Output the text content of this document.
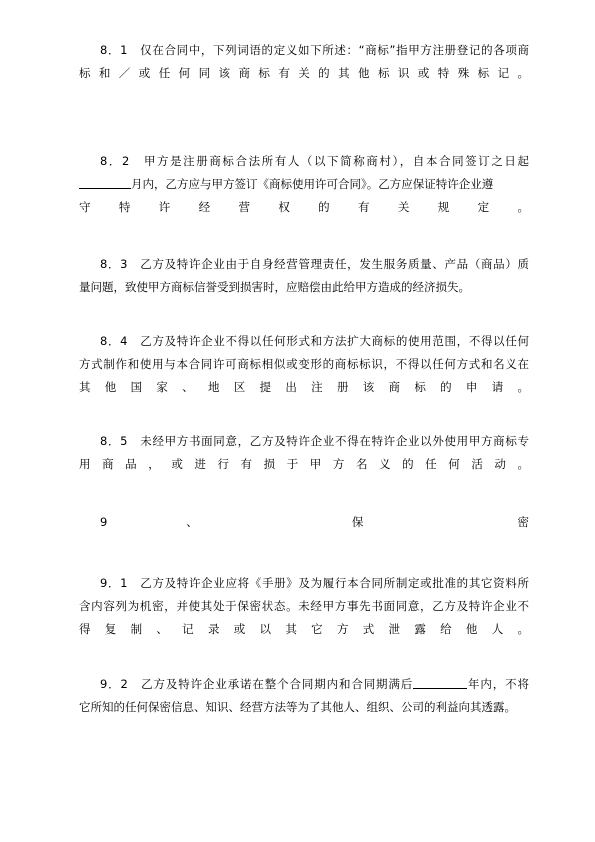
8．1　仅在合同中，下列词语的定义如下所述：“商标”指甲方注册登记的各项商
标和／或任何同该商标有关的其他标识或特殊标记。
8．2　甲方是注册商标合法所有人（以下简称商村），自本合同签订之日起
月内，乙方应与甲方签订《商标使用许可合同》。乙方应保证特许企业遵
守特许经营权的有关规定。
8．3　乙方及特许企业由于自身经营管理责任，发生服务质量、产品（商品）质
量问题，致使甲方商标信誉受到损害时，应赔偿由此给甲方造成的经济损失。
8．4　乙方及特许企业不得以任何形式和方法扩大商标的使用范围，不得以任何
方式制作和使用与本合同许可商标相似或变形的商标标识，不得以任何方式和名义在
其他国家、地区提出注册该商标的申请。
8．5　未经甲方书面同意，乙方及特许企业不得在特许企业以外使用甲方商标专
用商品，或进行有损于甲方名义的任何活动。
9	、	保	密
9．1　乙方及特许企业应将《手册》及为履行本合同所制定或批准的其它资料所
含内容列为机密，并使其处于保密状态。未经甲方事先书面同意，乙方及特许企业不
得复制、记录或以其它方式泄露给他人。
9．2　乙方及特许企业承诺在整个合同期内和合同期满后	年内，不将
它所知的任何保密信息、知识、经营方法等为了其他人、组织、公司的利益向其透露。
